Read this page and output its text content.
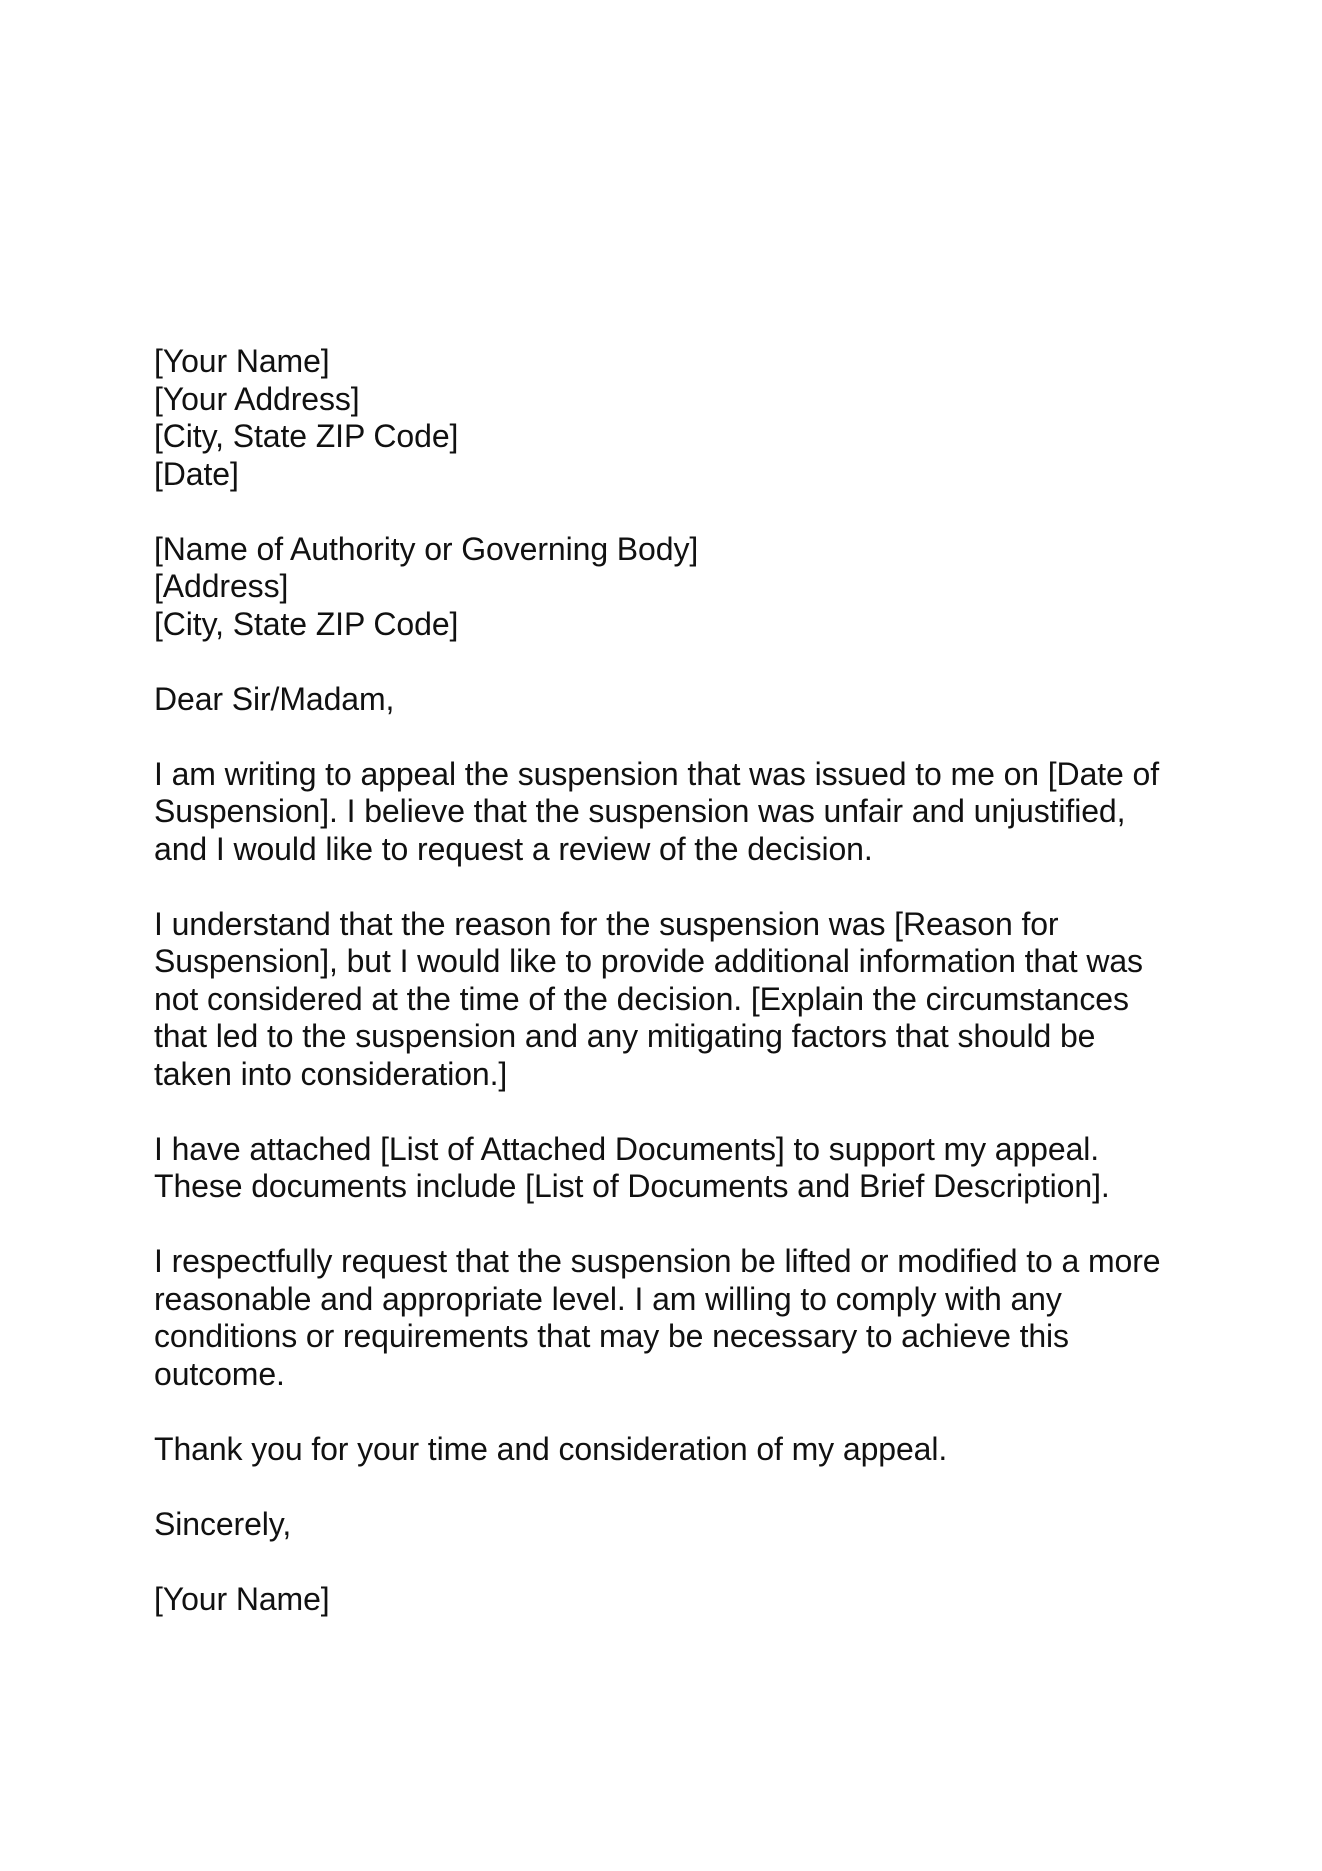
[Your Name]
[Your Address]
[City, State ZIP Code]
[Date]
[Name of Authority or Governing Body]
[Address]
[City, State ZIP Code]
Dear Sir/Madam,
I am writing to appeal the suspension that was issued to me on [Date of
Suspension]. I believe that the suspension was unfair and unjustified,
and I would like to request a review of the decision.
I understand that the reason for the suspension was [Reason for
Suspension], but I would like to provide additional information that was
not considered at the time of the decision. [Explain the circumstances
that led to the suspension and any mitigating factors that should be
taken into consideration.]
I have attached [List of Attached Documents] to support my appeal.
These documents include [List of Documents and Brief Description].
I respectfully request that the suspension be lifted or modified to a more
reasonable and appropriate level. I am willing to comply with any
conditions or requirements that may be necessary to achieve this
outcome.
Thank you for your time and consideration of my appeal.
Sincerely,
[Your Name]
